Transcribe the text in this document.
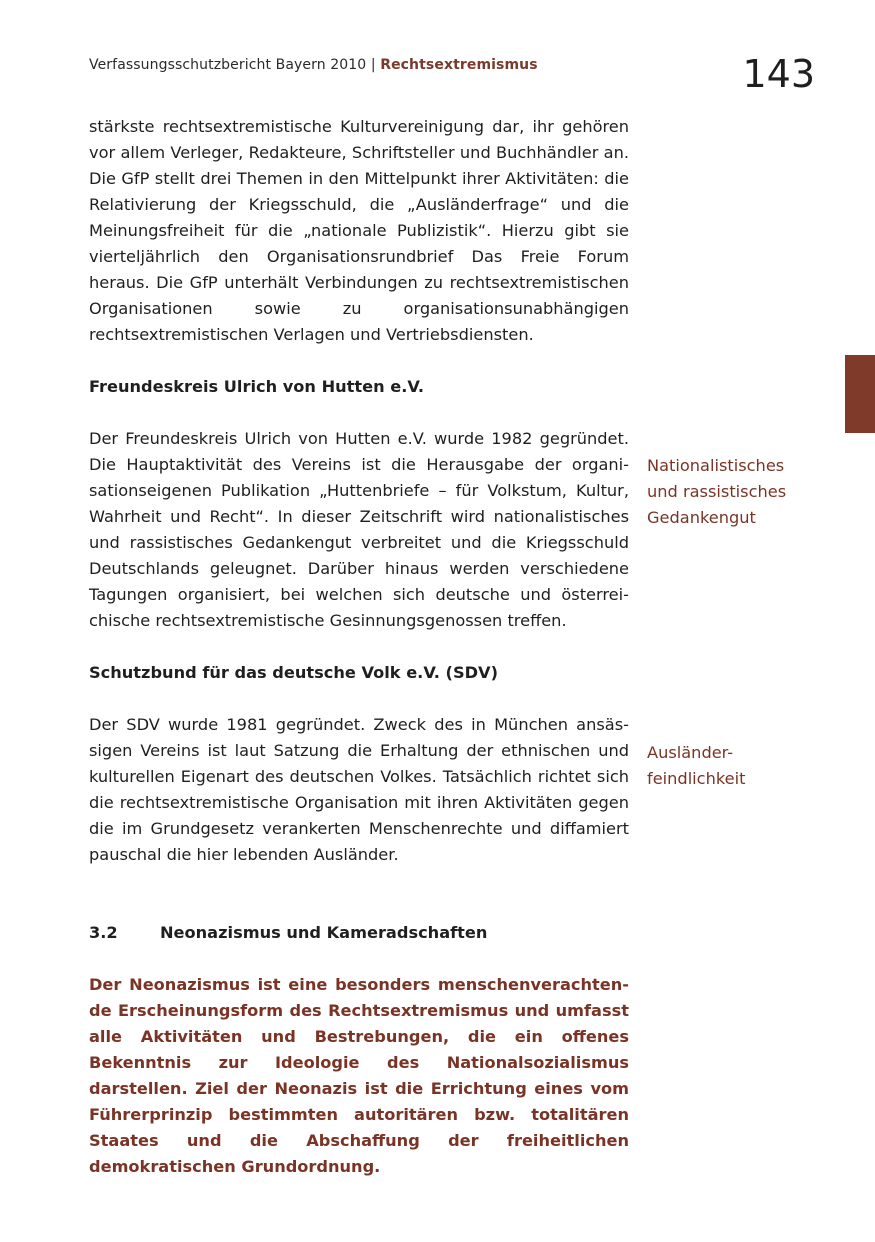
Verfassungsschutzbericht Bayern 2010 | Rechtsextremismus	143

stärkste rechtsextremistische Kulturvereinigung dar, ihr gehören vor allem Verleger, Redakteure, Schriftsteller und Buchhändler an. Die GfP stellt drei Themen in den Mittelpunkt ihrer Aktivitäten: die Relativierung der Kriegsschuld, die „Ausländerfrage“ und die Meinungsfreiheit für die „nationale Publizistik“. Hierzu gibt sie vierteljährlich den Organisationsrundbrief Das Freie Forum heraus. Die GfP unterhält Verbindungen zu rechtsextremistischen Organisationen sowie zu organisationsunabhängigen rechtsextremistischen Verlagen und Vertriebsdiensten.

Freundeskreis Ulrich von Hutten e.V.

Der Freundeskreis Ulrich von Hutten e.V. wurde 1982 gegründet. Die Hauptaktivität des Vereins ist die Herausgabe der organisationseigenen Publikation „Huttenbriefe – für Volkstum, Kultur, Wahrheit und Recht“. In dieser Zeitschrift wird nationalistisches und rassistisches Gedankengut verbreitet und die Kriegsschuld Deutschlands geleugnet. Darüber hinaus werden verschiedene Tagungen organisiert, bei welchen sich deutsche und österreichische rechtsextremistische Gesinnungsgenossen treffen.

Schutzbund für das deutsche Volk e.V. (SDV)

Der SDV wurde 1981 gegründet. Zweck des in München ansässigen Vereins ist laut Satzung die Erhaltung der ethnischen und kulturellen Eigenart des deutschen Volkes. Tatsächlich richtet sich die rechtsextremistische Organisation mit ihren Aktivitäten gegen die im Grundgesetz verankerten Menschenrechte und diffamiert pauschal die hier lebenden Ausländer.

3.2	Neonazismus und Kameradschaften

Der Neonazismus ist eine besonders menschenverachtende Erscheinungsform des Rechtsextremismus und umfasst alle Aktivitäten und Bestrebungen, die ein offenes Bekenntnis zur Ideologie des Nationalsozialismus darstellen. Ziel der Neonazis ist die Errichtung eines vom Führerprinzip bestimmten autoritären bzw. totalitären Staates und die Abschaffung der freiheitlichen demokratischen Grundordnung.

Nationalistisches
und rassistisches
Gedankengut
Ausländer-
feindlichkeit
